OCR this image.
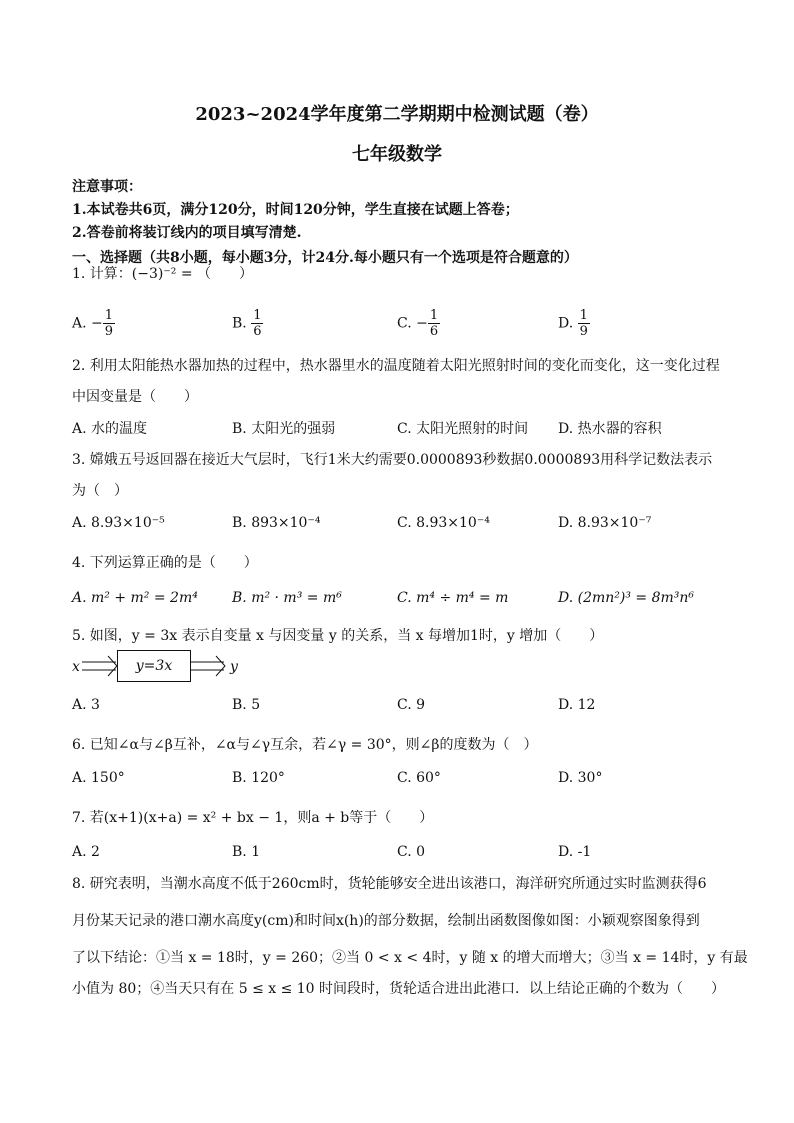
2023~2024学年度第二学期期中检测试题（卷）
七年级数学
注意事项：
1.本试卷共6页，满分120分，时间120分钟，学生直接在试题上答卷；
2.答卷前将装订线内的项目填写清楚.
一、选择题（共8小题，每小题3分，计24分.每小题只有一个选项是符合题意的）
1. 计算：(−3)⁻² = （　　）
A. − $\frac{1}{9}$	B. $\frac{1}{6}$	C. − $\frac{1}{6}$	D. $\frac{1}{9}$
2. 利用太阳能热水器加热的过程中，热水器里水的温度随着太阳光照射时间的变化而变化，这一变化过程
中因变量是（　　）
A. 水的温度	B. 太阳光的强弱	C. 太阳光照射的时间 D. 热水器的容积
3. 嫦娥五号返回器在接近大气层时，飞行1米大约需要0.0000893秒数据0.0000893用科学记数法表示
为（　）
A. 8.93×10⁻⁵	B. 893×10⁻⁴	C. 8.93×10⁻⁴	D. 8.93×10⁻⁷
4. 下列运算正确的是（　　）
A. m² + m² = 2m⁴ B. m² · m³ = m⁶	C. m⁴ ÷ m⁴ = m	D. (2mn²)³ = 8m³n⁶
5. 如图，y = 3x 表示自变量 x 与因变量 y 的关系，当 x 每增加1时，y 增加（　　）
x	y=3x	y
A. 3	B. 5	C. 9	D. 12
6. 已知∠α与∠β互补，∠α与∠γ互余，若∠γ = 30°，则∠β的度数为（　）
A. 150°	B. 120°	C. 60°	D. 30°
7. 若(x+1)(x+a) = x² + bx − 1，则a + b等于（　　）
A. 2	B. 1	C. 0	D. -1
8. 研究表明，当潮水高度不低于260cm时，货轮能够安全进出该港口，海洋研究所通过实时监测获得6
月份某天记录的港口潮水高度y(cm)和时间x(h)的部分数据，绘制出函数图像如图：小颖观察图象得到
了以下结论：①当 x = 18时，y = 260；②当 0 < x < 4时，y 随 x 的增大而增大；③当 x = 14时，y 有最
小值为 80；④当天只有在 5 ≤ x ≤ 10 时间段时，货轮适合进出此港口．以上结论正确的个数为（　　）
